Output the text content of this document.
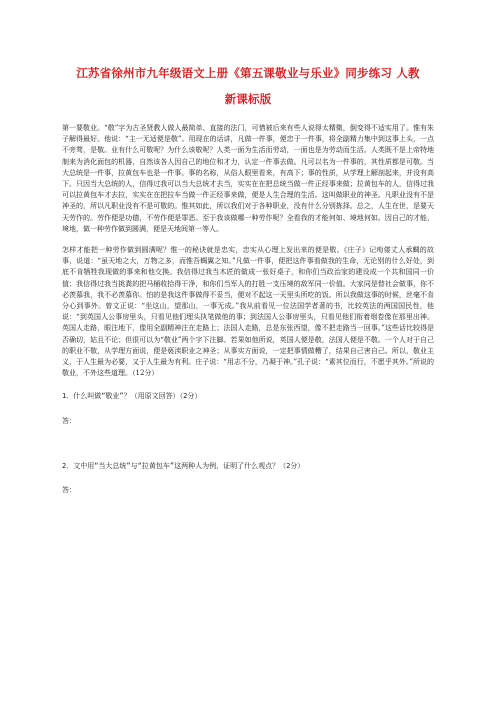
江苏省徐州市九年级语文上册《第五课敬业与乐业》同步练习 人教
新课标版

第一要敬业。“敬”字为古圣贤教人做人最简单、直接的法门，可惜被后来有些人说得太精微，倒变得不适实用了。惟有朱子解得最好。他说：“主一无适便是敬”。用现在的话讲，凡做一件事，便忠于一件事，将全副精力集中到这事上头，一点不旁骛，是敬。业有什么可敬呢？为什么该敬呢？人类一面为生活而劳动，一面也是为劳动而生活。人类既不是上帝特地制来为消化面包的机器，自然该各人因自己的地位和才力，认定一件事去做。凡可以名为一件事的，其性质都是可敬。当大总统是一件事，拉黄包车也是一件事。事的名称，从俗人眼里看来，有高下；事的性质，从学理上解剖起来，并没有高下。只因当大总统的人，信得过我可以当大总统才去当，实实在在把总统当做一件正经事来做；拉黄包车的人，信得过我可以拉黄包车才去拉，实实在在把拉车当做一件正经事来做，便是人生合理的生活。这叫做职业的神圣。凡职业没有不是神圣的，所以凡职业没有不是可敬的。惟其如此，所以我们对于各种职业，没有什么分别拣择。总之，人生在世，是要天天劳作的。劳作便是功德，不劳作便是罪恶。至于我该做哪一种劳作呢？全看我的才能何如、境地何如。因自己的才能、境地，做一种劳作做到圆满，便是天地间第一等人。

怎样才能把一种劳作做到圆满呢？惟一的秘诀就是忠实，忠实从心理上发出来的便是敬。《庄子》记痀偻丈人承蜩的故事，说道：“虽天地之大，万物之多，而惟吾蜩翼之知。”凡做一件事，便把这件事看做我的生命，无论别的什么好处，到底不肯牺牲我现做的事来和他交换。我信得过我当木匠的做成一张好桌子，和你们当政治家的建设成一个共和国同一价值；我信得过我当挑粪的把马桶收拾得干净，和你们当军人的打胜一支压境的敌军同一价值。大家同是替社会做事，你不必羡慕我，我不必羡慕你。怕的是我这件事做得不妥当，便对不起这一天里头所吃的饭。所以我做这事的时候，丝毫不肯分心到事外。曾文正说：“坐这山，望那山，一事无成。”我从前看见一位法国学者著的书，比较英法的两国国民性，他说：“到英国人公事房里头，只看见他们埋头执笔做他的事；到法国人公事房里头，只看见他们衔着烟卷像在那里出神。英国人走路，眼注地下，像用全副精神注在走路上；法国人走路，总是东张西望，像不把走路当一回事。”这些话比较得是否确切，姑且不论；但很可以为“敬业”两个字下注脚。若果如他所说，英国人便是敬，法国人便是不敬。一个人对于自己的职业不敬，从学理方面说，便是亵渎职业之神圣；从事实方面说，一定把事情做糟了，结果自己害自己。所以，敬业主义，于人生最为必要，又于人生最为有利。庄子说：“用志不分，乃凝于神。”孔子说：“素其位而行，不愿乎其外。”所说的敬业，不外这些道理。（12分）

1．什么叫做“敬业”？（用原文回答）（2分）

答：

2．文中用“当大总统”与“拉黄包车”这两种人为例，证明了什么观点？（2分）

答：
